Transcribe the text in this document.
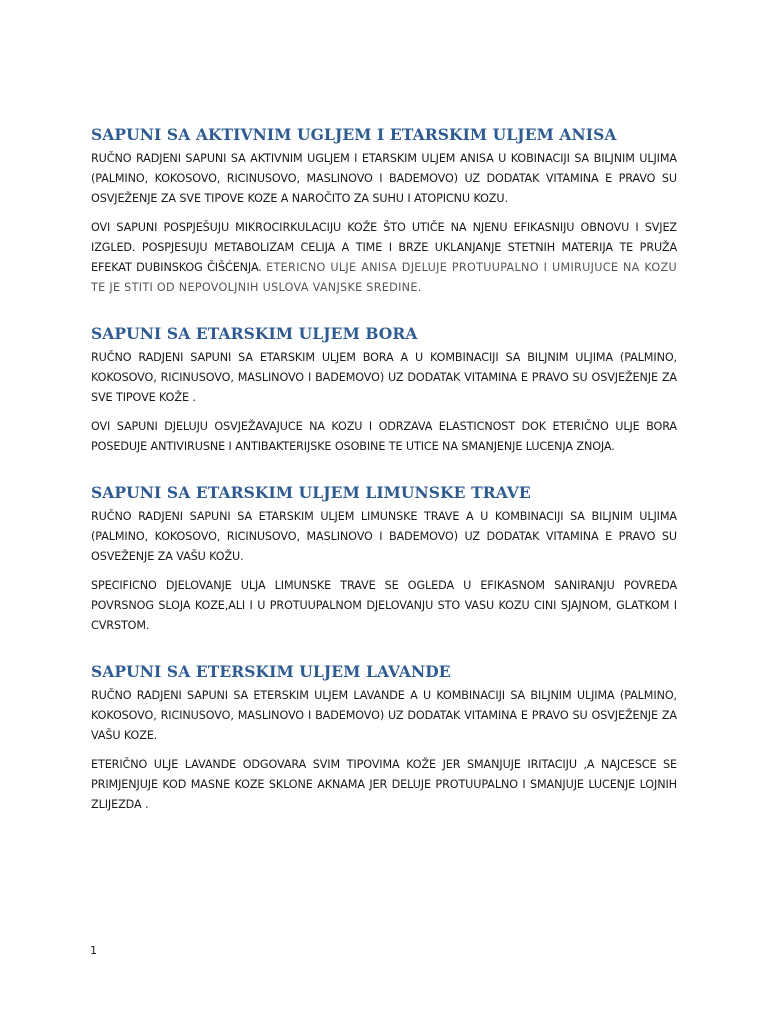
SAPUNI SA AKTIVNIM UGLJEM I ETARSKIM ULJEM ANISA

RUČNO RADJENI SAPUNI SA AKTIVNIM UGLJEM I ETARSKIM ULJEM ANISA U KOBINACIJI SA BILJNIM ULJIMA (PALMINO, KOKOSOVO, RICINUSOVO, MASLINOVO I BADEMOVO) UZ DODATAK VITAMINA E PRAVO SU OSVJEŽENJE ZA SVE TIPOVE KOZE A NAROČITO ZA SUHU I ATOPICNU KOZU.

OVI SAPUNI POSPJEŠUJU MIKROCIRKULACIJU KOŽE ŠTO UTIČE NA NJENU EFIKASNIJU OBNOVU I SVJEZ IZGLED. POSPJESUJU METABOLIZAM CELIJA A TIME I BRZE UKLANJANJE STETNIH MATERIJA TE PRUŽA EFEKAT DUBINSKOG ČIŠĆENJA. ETERICNO ULJE ANISA DJELUJE PROTUUPALNO I UMIRUJUCE NA KOZU TE JE STITI OD NEPOVOLJNIH USLOVA VANJSKE SREDINE.

SAPUNI SA ETARSKIM ULJEM BORA

RUČNO RADJENI SAPUNI SA ETARSKIM ULJEM BORA A U KOMBINACIJI SA BILJNIM ULJIMA (PALMINO, KOKOSOVO, RICINUSOVO, MASLINOVO I BADEMOVO) UZ DODATAK VITAMINA E PRAVO SU OSVJEŽENJE ZA SVE TIPOVE KOŽE .

OVI SAPUNI DJELUJU OSVJEŽAVAJUCE NA KOZU I ODRZAVA ELASTICNOST DOK ETERIČNO ULJE BORA POSEDUJE ANTIVIRUSNE I ANTIBAKTERIJSKE OSOBINE TE UTICE NA SMANJENJE LUCENJA ZNOJA.

SAPUNI SA ETARSKIM ULJEM LIMUNSKE TRAVE

RUČNO RADJENI SAPUNI SA ETARSKIM ULJEM LIMUNSKE TRAVE A U KOMBINACIJI SA BILJNIM ULJIMA (PALMINO, KOKOSOVO, RICINUSOVO, MASLINOVO I BADEMOVO) UZ DODATAK VITAMINA E PRAVO SU OSVEŽENJE ZA VAŠU KOŽU.

SPECIFICNO DJELOVANJE ULJA LIMUNSKE TRAVE SE OGLEDA U EFIKASNOM SANIRANJU POVREDA POVRSNOG SLOJA KOZE,ALI I U PROTUUPALNOM DJELOVANJU STO VASU KOZU CINI SJAJNOM, GLATKOM I CVRSTOM.

SAPUNI SA ETERSKIM ULJEM LAVANDE

RUČNO RADJENI SAPUNI SA ETERSKIM ULJEM LAVANDE A U KOMBINACIJI SA BILJNIM ULJIMA (PALMINO, KOKOSOVO, RICINUSOVO, MASLINOVO I BADEMOVO) UZ DODATAK VITAMINA E PRAVO SU OSVJEŽENJE ZA VAŠU KOZE.

ETERIČNO ULJE LAVANDE ODGOVARA SVIM TIPOVIMA KOŽE JER SMANJUJE IRITACIJU ,A NAJCESCE SE PRIMJENJUJE KOD MASNE KOZE SKLONE AKNAMA JER DELUJE PROTUUPALNO I SMANJUJE LUCENJE LOJNIH ZLIJEZDA .

1
